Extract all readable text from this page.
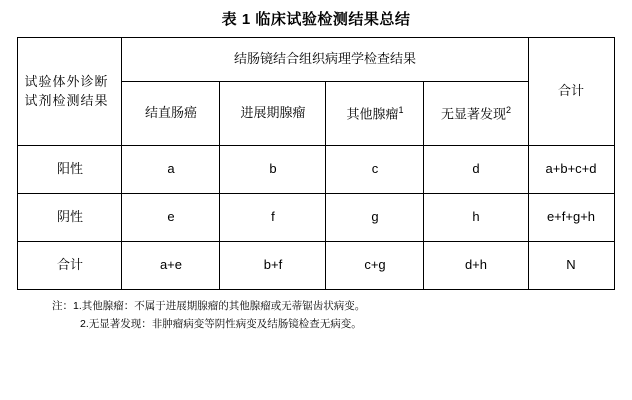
表 1 临床试验检测结果总结
试验体外诊断试剂检测结果	结肠镜结合组织病理学检查结果				合计
	结直肠癌	进展期腺瘤	其他腺瘤$^1$	无显著发现$^2$
阳性	a	b	c	d	a+b+c+d
阴性	e	f	g	h	e+f+g+h
合计	a+e	b+f	c+g	d+h	N
注：1.其他腺瘤：不属于进展期腺瘤的其他腺瘤或无蒂锯齿状病变。
2.无显著发现：非肿瘤病变等阴性病变及结肠镜检查无病变。
